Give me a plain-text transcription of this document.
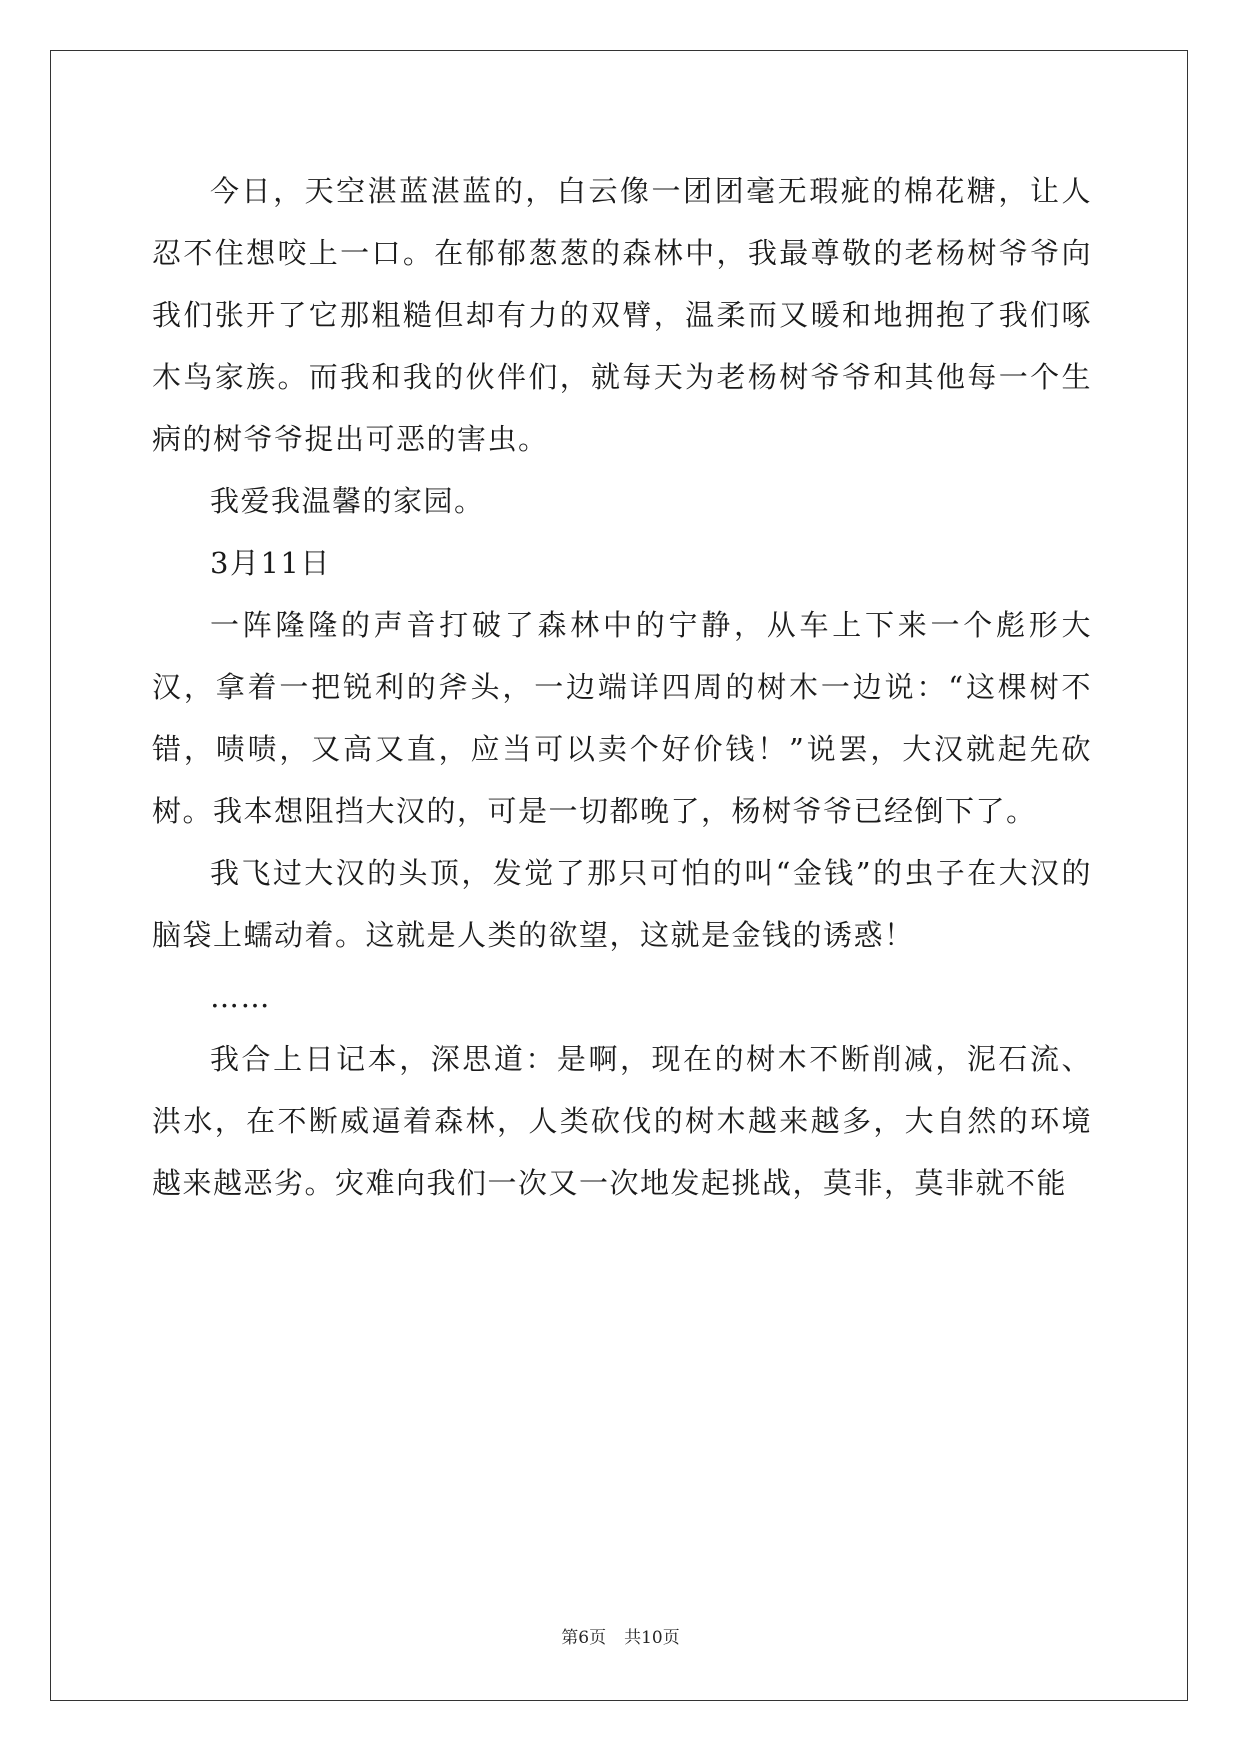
今日，天空湛蓝湛蓝的，白云像一团团毫无瑕疵的棉花糖，让人忍不住想咬上一口。在郁郁葱葱的森林中，我最尊敬的老杨树爷爷向我们张开了它那粗糙但却有力的双臂，温柔而又暖和地拥抱了我们啄木鸟家族。而我和我的伙伴们，就每天为老杨树爷爷和其他每一个生病的树爷爷捉出可恶的害虫。

我爱我温馨的家园。

3月11日

一阵隆隆的声音打破了森林中的宁静，从车上下来一个彪形大汉，拿着一把锐利的斧头，一边端详四周的树木一边说：“这棵树不错，啧啧，又高又直，应当可以卖个好价钱！”说罢，大汉就起先砍树。我本想阻挡大汉的，可是一切都晚了，杨树爷爷已经倒下了。

我飞过大汉的头顶，发觉了那只可怕的叫“金钱”的虫子在大汉的脑袋上蠕动着。这就是人类的欲望，这就是金钱的诱惑！

……

我合上日记本，深思道：是啊，现在的树木不断削减，泥石流、洪水，在不断威逼着森林，人类砍伐的树木越来越多，大自然的环境越来越恶劣。灾难向我们一次又一次地发起挑战，莫非，莫非就不能

第6页 共10页
